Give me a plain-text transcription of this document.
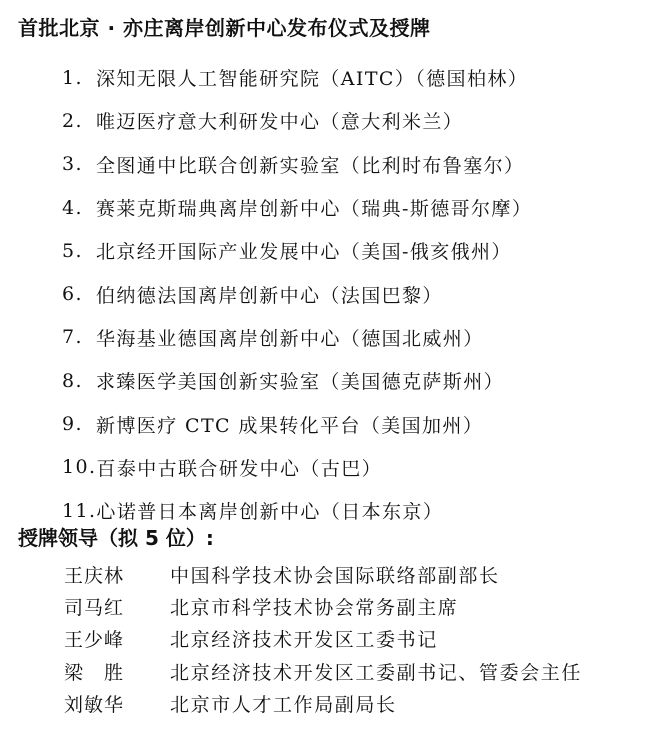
首批北京 · 亦庄离岸创新中心发布仪式及授牌
1. 深知无限人工智能研究院（AITC）（德国柏林）
2. 唯迈医疗意大利研发中心（意大利米兰）
3. 全图通中比联合创新实验室（比利时布鲁塞尔）
4. 赛莱克斯瑞典离岸创新中心（瑞典-斯德哥尔摩）
5. 北京经开国际产业发展中心（美国-俄亥俄州）
6. 伯纳德法国离岸创新中心（法国巴黎）
7. 华海基业德国离岸创新中心（德国北威州）
8. 求臻医学美国创新实验室（美国德克萨斯州）
9. 新博医疗 CTC 成果转化平台（美国加州）
10. 百泰中古联合研发中心（古巴）
11. 心诺普日本离岸创新中心（日本东京）
授牌领导（拟 5 位）:
王庆林	中国科学技术协会国际联络部副部长
司马红	北京市科学技术协会常务副主席
王少峰	北京经济技术开发区工委书记
梁　胜	北京经济技术开发区工委副书记、管委会主任
刘敏华	北京市人才工作局副局长
